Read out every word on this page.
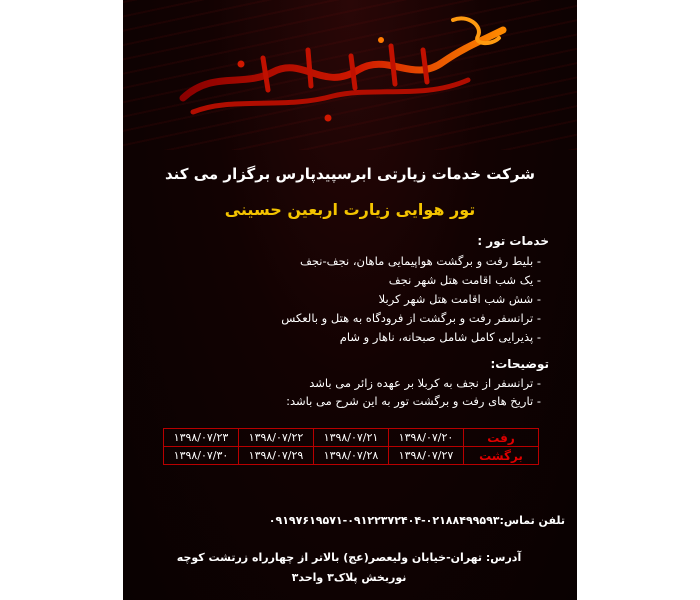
شرکت خدمات زیارتی ابرسپیدپارس برگزار می کند

تور هوایی زیارت اربعین حسینی

خدمات تور :
- بلیط رفت و برگشت هواپیمایی ماهان، نجف-نجف
- یک شب اقامت هتل شهر نجف
- شش شب اقامت هتل شهر کربلا
- ترانسفر رفت و برگشت از فرودگاه به هتل و بالعکس
- پذیرایی کامل شامل صبحانه، ناهار و شام
توضیحات:
- ترانسفر از نجف به کربلا بر عهده زائر می باشد
- تاریخ های رفت و برگشت تور به این شرح می باشد:
رفت	۱۳۹۸/۰۷/۲۰	۱۳۹۸/۰۷/۲۱	۱۳۹۸/۰۷/۲۲	۱۳۹۸/۰۷/۲۳
برگشت	۱۳۹۸/۰۷/۲۷	۱۳۹۸/۰۷/۲۸	۱۳۹۸/۰۷/۲۹	۱۳۹۸/۰۷/۳۰
تلفن تماس:۰۲۱۸۸۴۹۹۵۹۳-۰۹۱۲۲۳۷۲۴۰۴-۰۹۱۹۷۶۱۹۵۷۱
آدرس: تهران-خیابان ولیعصر(عج) بالاتر از چهارراه زرتشت کوچه
نوربخش پلاک۳ واحد۳
